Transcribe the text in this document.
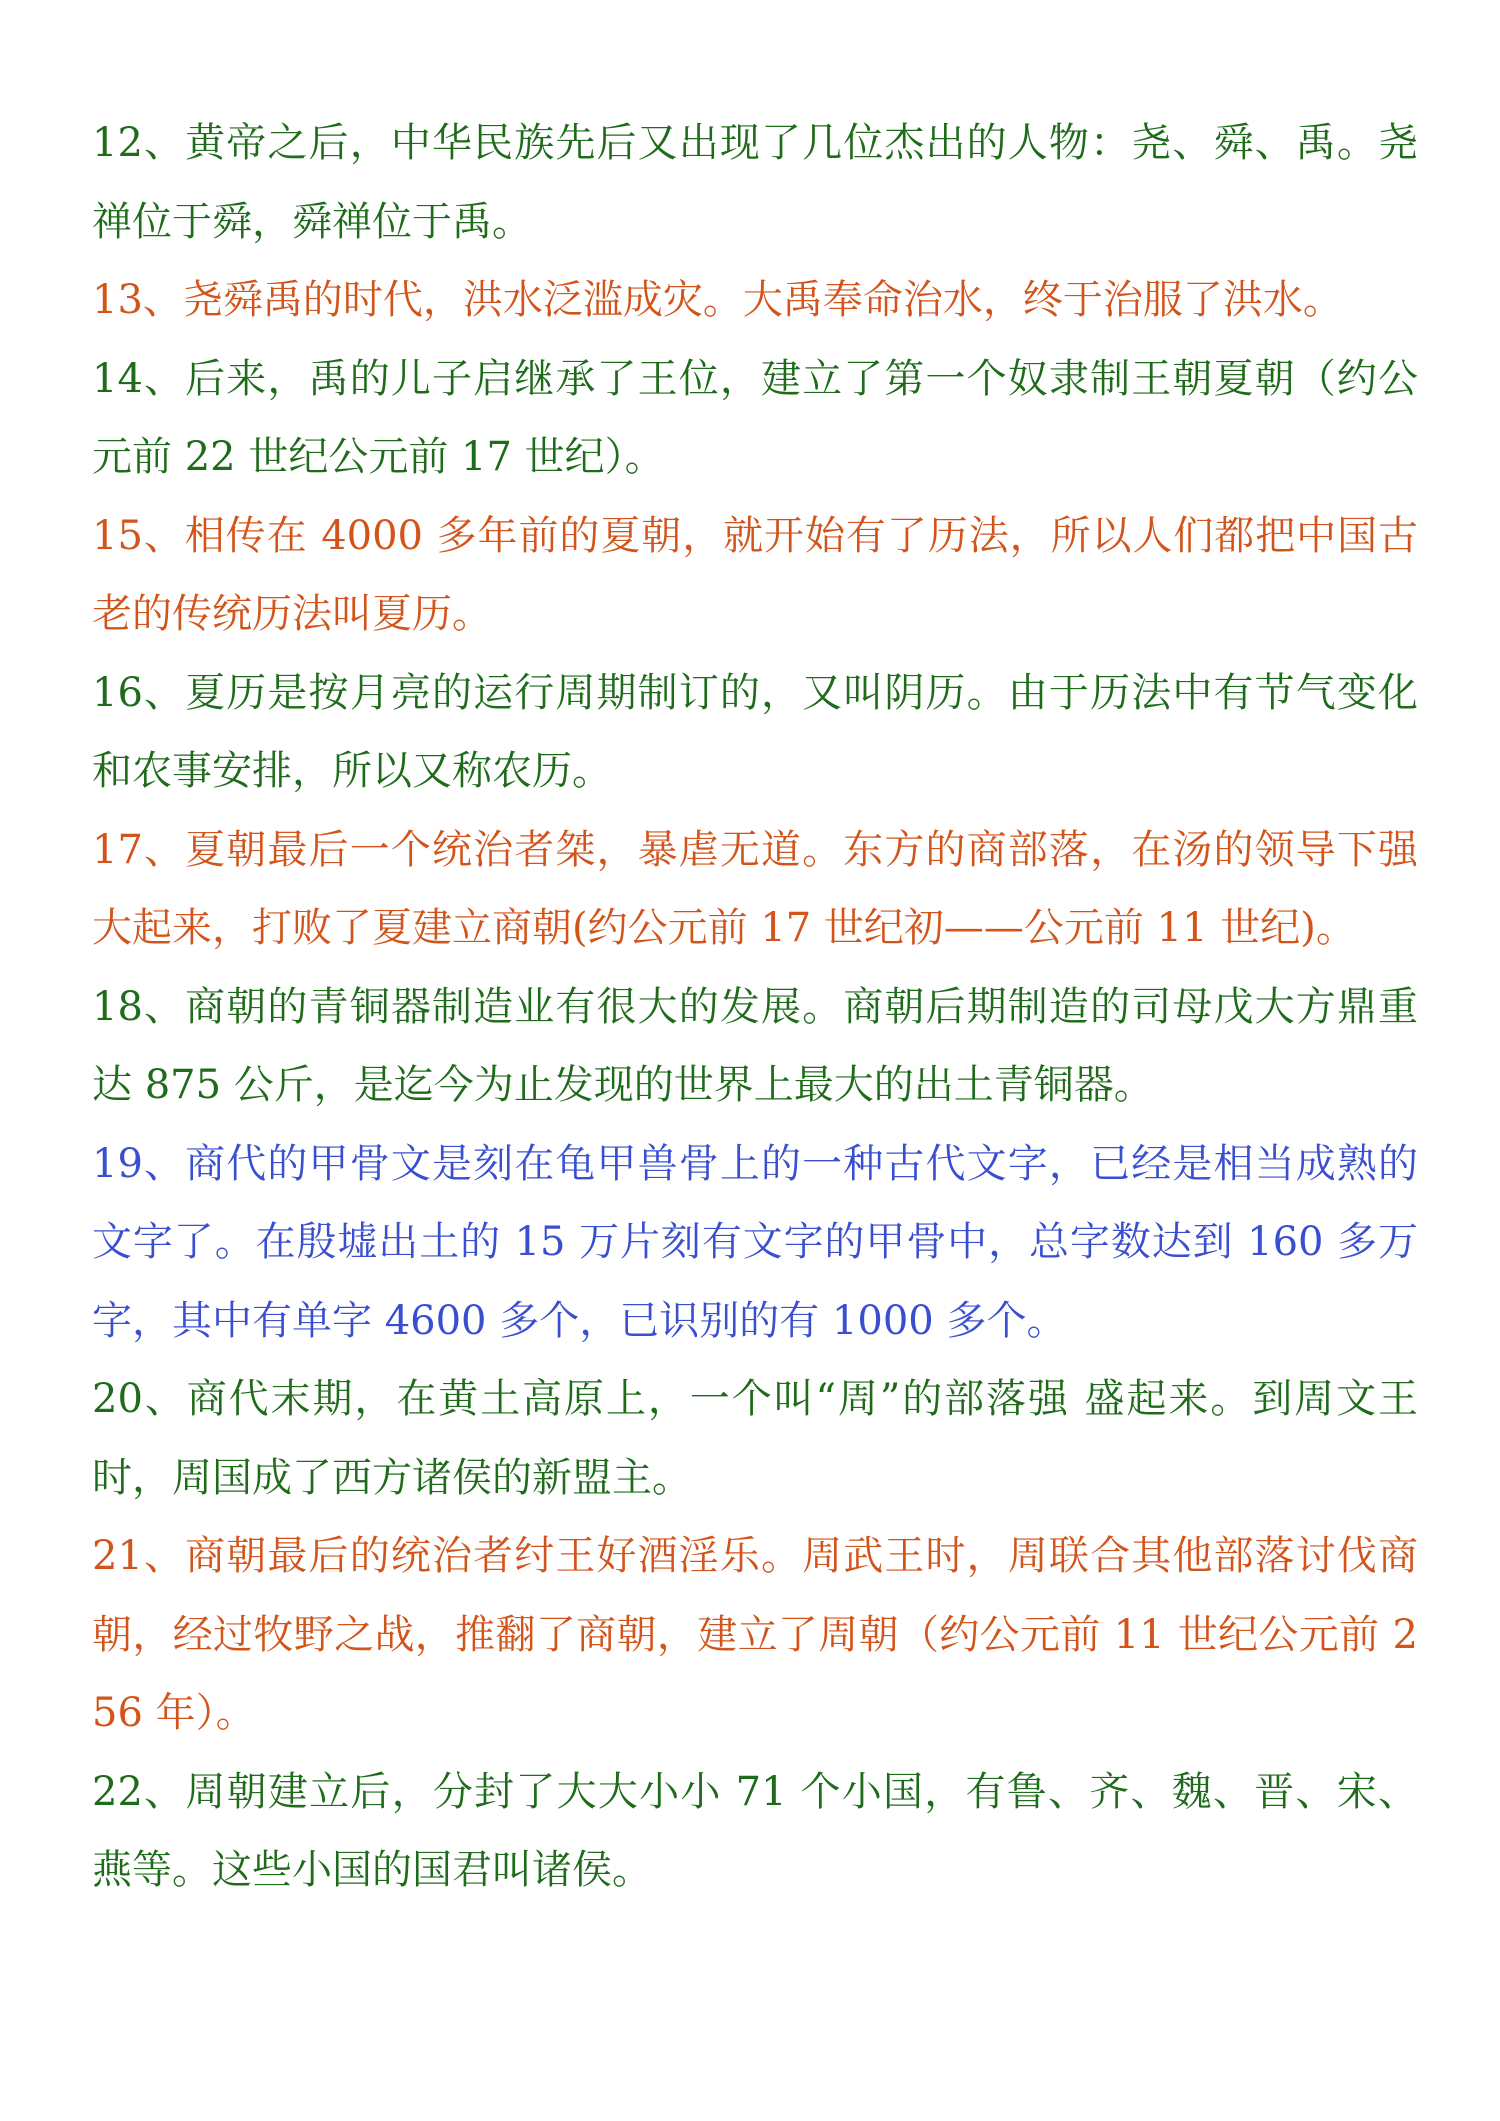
12、黄帝之后，中华民族先后又出现了几位杰出的人物：尧、舜、禹。尧禅位于舜，舜禅位于禹。

13、尧舜禹的时代，洪水泛滥成灾。大禹奉命治水，终于治服了洪水。

14、后来，禹的儿子启继承了王位，建立了第一个奴隶制王朝夏朝（约公元前 22 世纪公元前 17 世纪）。

15、相传在 4000 多年前的夏朝，就开始有了历法，所以人们都把中国古老的传统历法叫夏历。

16、夏历是按月亮的运行周期制订的，又叫阴历。由于历法中有节气变化和农事安排，所以又称农历。

17、夏朝最后一个统治者桀，暴虐无道。东方的商部落，在汤的领导下强大起来，打败了夏建立商朝(约公元前 17 世纪初——公元前 11 世纪)。

18、商朝的青铜器制造业有很大的发展。商朝后期制造的司母戊大方鼎重达 875 公斤，是迄今为止发现的世界上最大的出土青铜器。

19、商代的甲骨文是刻在龟甲兽骨上的一种古代文字，已经是相当成熟的文字了。在殷墟出土的 15 万片刻有文字的甲骨中，总字数达到 160 多万字，其中有单字 4600 多个，已识别的有 1000 多个。

20、商代末期，在黄土高原上，一个叫“周”的部落强 盛起来。到周文王时，周国成了西方诸侯的新盟主。

21、商朝最后的统治者纣王好酒淫乐。周武王时，周联合其他部落讨伐商朝，经过牧野之战，推翻了商朝，建立了周朝（约公元前 11 世纪公元前 256 年）。

22、周朝建立后，分封了大大小小 71 个小国，有鲁、齐、魏、晋、宋、燕等。这些小国的国君叫诸侯。
